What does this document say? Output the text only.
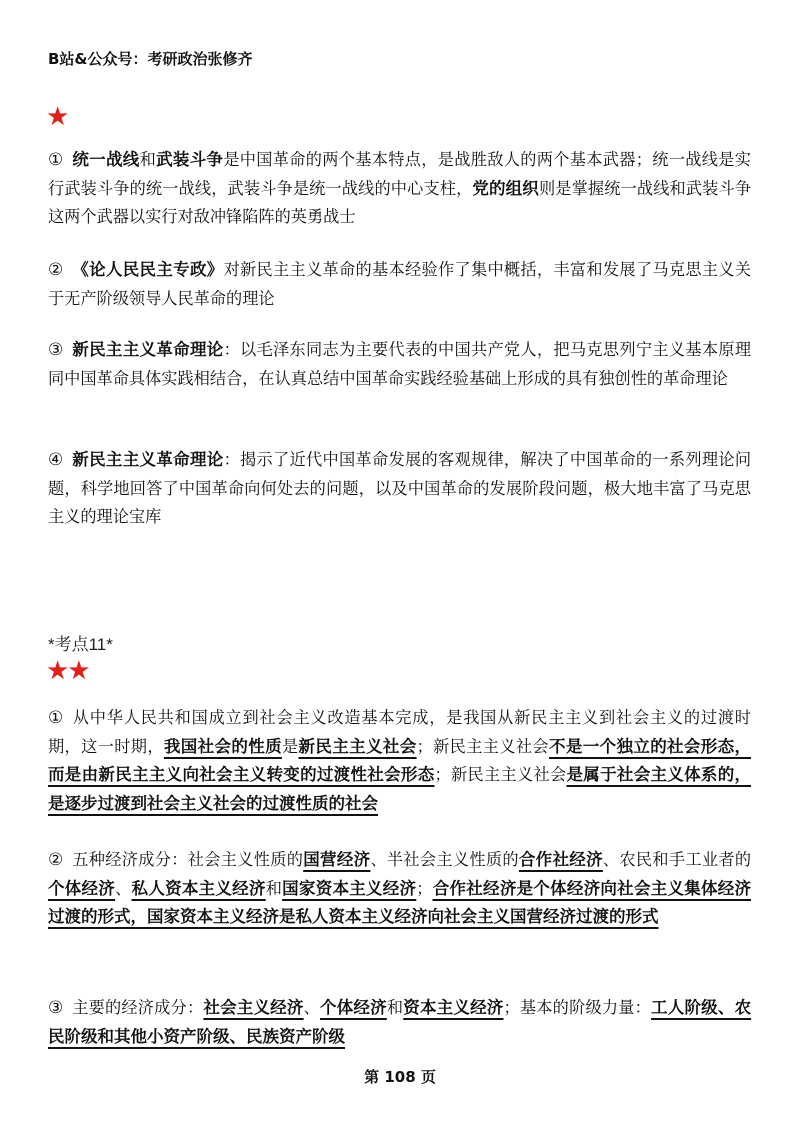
B站&公众号：考研政治张修齐
★
① 统一战线和武装斗争是中国革命的两个基本特点，是战胜敌人的两个基本武器；统一战线是实行武装斗争的统一战线，武装斗争是统一战线的中心支柱，党的组织则是掌握统一战线和武装斗争这两个武器以实行对敌冲锋陷阵的英勇战士
② 《论人民民主专政》对新民主主义革命的基本经验作了集中概括，丰富和发展了马克思主义关于无产阶级领导人民革命的理论
③ 新民主主义革命理论：以毛泽东同志为主要代表的中国共产党人，把马克思列宁主义基本原理同中国革命具体实践相结合，在认真总结中国革命实践经验基础上形成的具有独创性的革命理论
④ 新民主主义革命理论：揭示了近代中国革命发展的客观规律，解决了中国革命的一系列理论问题，科学地回答了中国革命向何处去的问题，以及中国革命的发展阶段问题，极大地丰富了马克思主义的理论宝库
*考点11*
★★
① 从中华人民共和国成立到社会主义改造基本完成，是我国从新民主主义到社会主义的过渡时期，这一时期，我国社会的性质是新民主主义社会；新民主主义社会不是一个独立的社会形态，而是由新民主主义向社会主义转变的过渡性社会形态；新民主主义社会是属于社会主义体系的，是逐步过渡到社会主义社会的过渡性质的社会
② 五种经济成分：社会主义性质的国营经济、半社会主义性质的合作社经济、农民和手工业者的个体经济、私人资本主义经济和国家资本主义经济；合作社经济是个体经济向社会主义集体经济过渡的形式，国家资本主义经济是私人资本主义经济向社会主义国营经济过渡的形式
③ 主要的经济成分：社会主义经济、个体经济和资本主义经济；基本的阶级力量：工人阶级、农民阶级和其他小资产阶级、民族资产阶级
第 108 页
